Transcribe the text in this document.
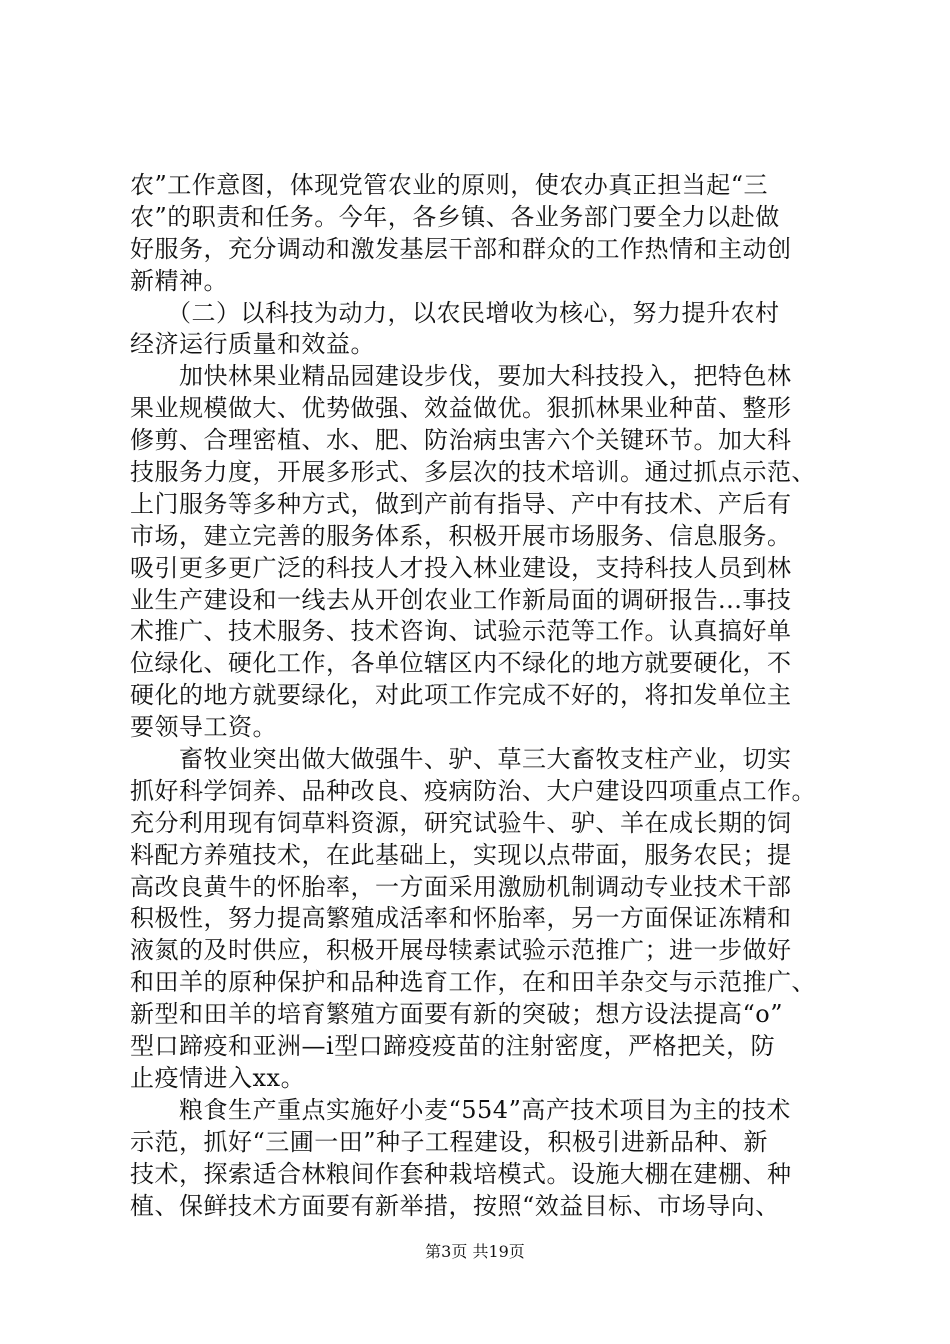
农”工作意图，体现党管农业的原则，使农办真正担当起“三
农”的职责和任务。今年，各乡镇、各业务部门要全力以赴做
好服务，充分调动和激发基层干部和群众的工作热情和主动创
新精神。
　　（二）以科技为动力，以农民增收为核心，努力提升农村
经济运行质量和效益。
　　加快林果业精品园建设步伐，要加大科技投入，把特色林
果业规模做大、优势做强、效益做优。狠抓林果业种苗、整形
修剪、合理密植、水、肥、防治病虫害六个关键环节。加大科
技服务力度，开展多形式、多层次的技术培训。通过抓点示范、
上门服务等多种方式，做到产前有指导、产中有技术、产后有
市场，建立完善的服务体系，积极开展市场服务、信息服务。
吸引更多更广泛的科技人才投入林业建设，支持科技人员到林
业生产建设和一线去从开创农业工作新局面的调研报告...事技
术推广、技术服务、技术咨询、试验示范等工作。认真搞好单
位绿化、硬化工作，各单位辖区内不绿化的地方就要硬化，不
硬化的地方就要绿化，对此项工作完成不好的，将扣发单位主
要领导工资。
　　畜牧业突出做大做强牛、驴、草三大畜牧支柱产业，切实
抓好科学饲养、品种改良、疫病防治、大户建设四项重点工作。
充分利用现有饲草料资源，研究试验牛、驴、羊在成长期的饲
料配方养殖技术，在此基础上，实现以点带面，服务农民；提
高改良黄牛的怀胎率，一方面采用激励机制调动专业技术干部
积极性，努力提高繁殖成活率和怀胎率，另一方面保证冻精和
液氮的及时供应，积极开展母犊素试验示范推广；进一步做好
和田羊的原种保护和品种选育工作，在和田羊杂交与示范推广、
新型和田羊的培育繁殖方面要有新的突破；想方设法提高“o”
型口蹄疫和亚洲—i型口蹄疫疫苗的注射密度，严格把关，防
止疫情进入xx。
　　粮食生产重点实施好小麦“554”高产技术项目为主的技术
示范，抓好“三圃一田”种子工程建设，积极引进新品种、新
技术，探索适合林粮间作套种栽培模式。设施大棚在建棚、种
植、保鲜技术方面要有新举措，按照“效益目标、市场导向、
第3页 共19页
